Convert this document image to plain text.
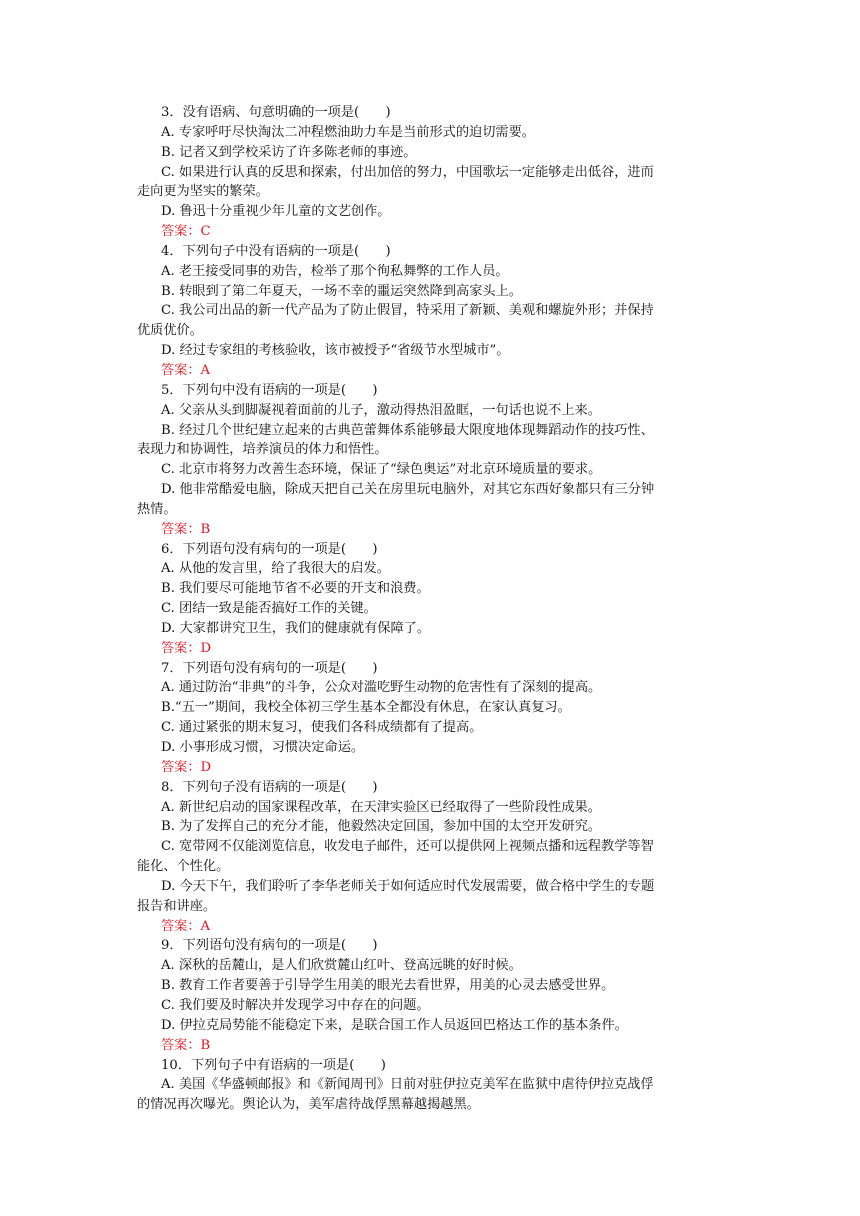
3．没有语病、句意明确的一项是(　　)
A. 专家呼吁尽快淘汰二冲程燃油助力车是当前形式的迫切需要。
B. 记者又到学校采访了许多陈老师的事迹。
C. 如果进行认真的反思和探索，付出加倍的努力，中国歌坛一定能够走出低谷，进而
走向更为坚实的繁荣。
D. 鲁迅十分重视少年儿童的文艺创作。
答案：C
4．下列句子中没有语病的一项是(　　)
A. 老王接受同事的劝告，检举了那个徇私舞弊的工作人员。
B. 转眼到了第二年夏天，一场不幸的噩运突然降到高家头上。
C. 我公司出品的新一代产品为了防止假冒，特采用了新颖、美观和螺旋外形；并保持
优质优价。
D. 经过专家组的考核验收，该市被授予“省级节水型城市”。
答案：A
5．下列句中没有语病的一项是(　　)
A. 父亲从头到脚凝视着面前的儿子，激动得热泪盈眶，一句话也说不上来。
B. 经过几个世纪建立起来的古典芭蕾舞体系能够最大限度地体现舞蹈动作的技巧性、
表现力和协调性，培养演员的体力和悟性。
C. 北京市将努力改善生态环境，保证了“绿色奥运”对北京环境质量的要求。
D. 他非常酷爱电脑，除成天把自己关在房里玩电脑外，对其它东西好象都只有三分钟
热情。
答案：B
6．下列语句没有病句的一项是(　　)
A. 从他的发言里，给了我很大的启发。
B. 我们要尽可能地节省不必要的开支和浪费。
C. 团结一致是能否搞好工作的关键。
D. 大家都讲究卫生，我们的健康就有保障了。
答案：D
7．下列语句没有病句的一项是(　　)
A. 通过防治“非典”的斗争，公众对滥吃野生动物的危害性有了深刻的提高。
B.“五一”期间，我校全体初三学生基本全都没有休息，在家认真复习。
C. 通过紧张的期末复习，使我们各科成绩都有了提高。
D. 小事形成习惯，习惯决定命运。
答案：D
8．下列句子没有语病的一项是(　　)
A. 新世纪启动的国家课程改革，在天津实验区已经取得了一些阶段性成果。
B. 为了发挥自己的充分才能，他毅然决定回国，参加中国的太空开发研究。
C. 宽带网不仅能浏览信息，收发电子邮件，还可以提供网上视频点播和远程教学等智
能化、个性化。
D. 今天下午，我们聆听了李华老师关于如何适应时代发展需要，做合格中学生的专题
报告和讲座。
答案：A
9．下列语句没有病句的一项是(　　)
A. 深秋的岳麓山，是人们欣赏麓山红叶、登高远眺的好时候。
B. 教育工作者要善于引导学生用美的眼光去看世界，用美的心灵去感受世界。
C. 我们要及时解决并发现学习中存在的问题。
D. 伊拉克局势能不能稳定下来，是联合国工作人员返回巴格达工作的基本条件。
答案：B
10．下列句子中有语病的一项是(　　)
A. 美国《华盛顿邮报》和《新闻周刊》日前对驻伊拉克美军在监狱中虐待伊拉克战俘
的情况再次曝光。舆论认为，美军虐待战俘黑幕越揭越黑。
